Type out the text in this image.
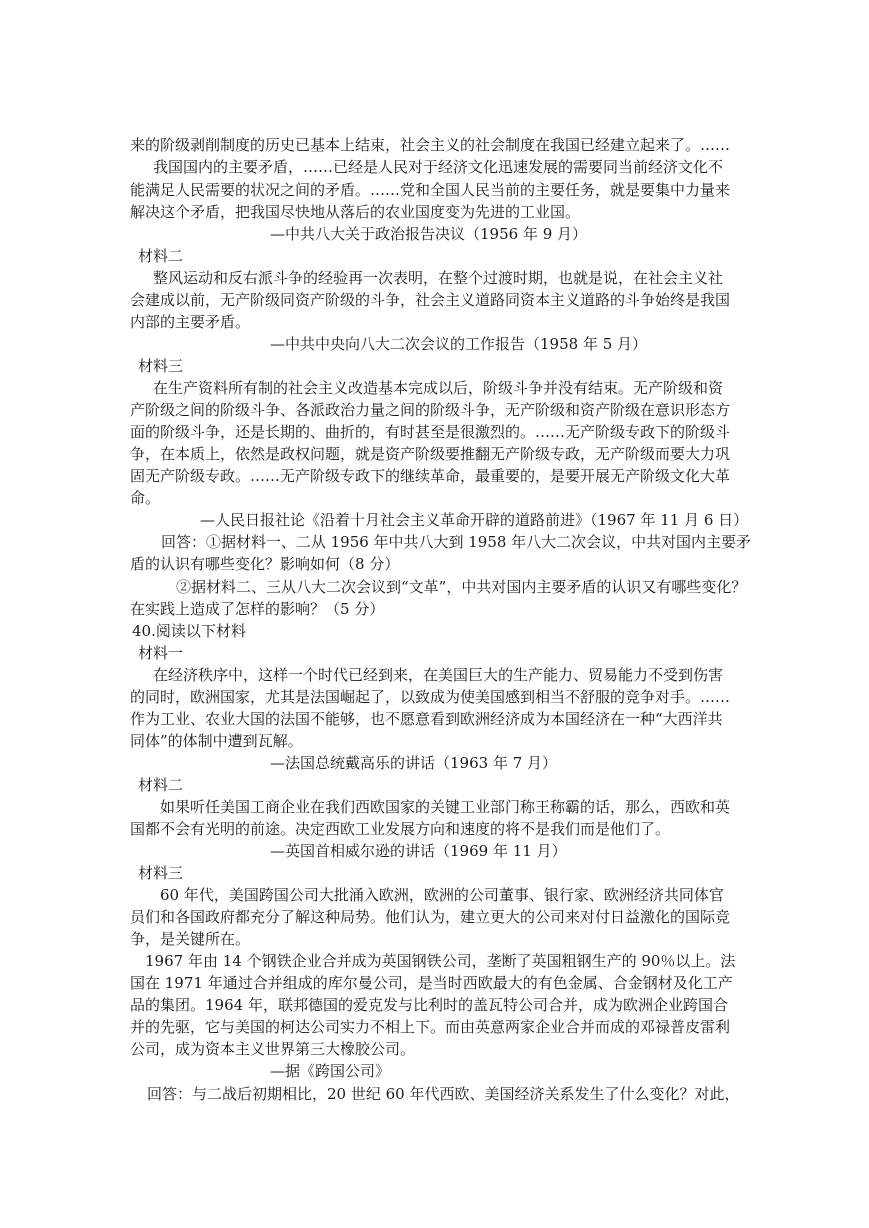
来的阶级剥削制度的历史已基本上结束，社会主义的社会制度在我国已经建立起来了。……
我国国内的主要矛盾，……已经是人民对于经济文化迅速发展的需要同当前经济文化不
能满足人民需要的状况之间的矛盾。……党和全国人民当前的主要任务，就是要集中力量来
解决这个矛盾，把我国尽快地从落后的农业国度变为先进的工业国。
—中共八大关于政治报告决议（1956 年 9 月）
材料二
整风运动和反右派斗争的经验再一次表明，在整个过渡时期，也就是说，在社会主义社
会建成以前，无产阶级同资产阶级的斗争，社会主义道路同资本主义道路的斗争始终是我国
内部的主要矛盾。
—中共中央向八大二次会议的工作报告（1958 年 5 月）
材料三
在生产资料所有制的社会主义改造基本完成以后，阶级斗争并没有结束。无产阶级和资
产阶级之间的阶级斗争、各派政治力量之间的阶级斗争，无产阶级和资产阶级在意识形态方
面的阶级斗争，还是长期的、曲折的，有时甚至是很激烈的。……无产阶级专政下的阶级斗
争，在本质上，依然是政权问题，就是资产阶级要推翻无产阶级专政，无产阶级而要大力巩
固无产阶级专政。……无产阶级专政下的继续革命，最重要的，是要开展无产阶级文化大革
命。
—人民日报社论《沿着十月社会主义革命开辟的道路前进》（1967 年 11 月 6 日）
回答：①据材料一、二从 1956 年中共八大到 1958 年八大二次会议，中共对国内主要矛
盾的认识有哪些变化？影响如何（8 分）
②据材料二、三从八大二次会议到“文革”，中共对国内主要矛盾的认识又有哪些变化？
在实践上造成了怎样的影响？（5 分）
40.阅读以下材料
材料一
在经济秩序中，这样一个时代已经到来，在美国巨大的生产能力、贸易能力不受到伤害
的同时，欧洲国家，尤其是法国崛起了，以致成为使美国感到相当不舒服的竞争对手。……
作为工业、农业大国的法国不能够，也不愿意看到欧洲经济成为本国经济在一种“大西洋共
同体”的体制中遭到瓦解。
—法国总统戴高乐的讲话（1963 年 7 月）
材料二
如果听任美国工商企业在我们西欧国家的关键工业部门称王称霸的话，那么，西欧和英
国都不会有光明的前途。决定西欧工业发展方向和速度的将不是我们而是他们了。
—英国首相威尔逊的讲话（1969 年 11 月）
材料三
60 年代，美国跨国公司大批涌入欧洲，欧洲的公司董事、银行家、欧洲经济共同体官
员们和各国政府都充分了解这种局势。他们认为，建立更大的公司来对付日益激化的国际竞
争，是关键所在。
1967 年由 14 个钢铁企业合并成为英国钢铁公司，垄断了英国粗钢生产的 90％以上。法
国在 1971 年通过合并组成的库尔曼公司，是当时西欧最大的有色金属、合金钢材及化工产
品的集团。1964 年，联邦德国的爱克发与比利时的盖瓦特公司合并，成为欧洲企业跨国合
并的先驱，它与美国的柯达公司实力不相上下。而由英意两家企业合并而成的邓禄普皮雷利
公司，成为资本主义世界第三大橡胶公司。
—据《跨国公司》
回答：与二战后初期相比，20 世纪 60 年代西欧、美国经济关系发生了什么变化？对此，
